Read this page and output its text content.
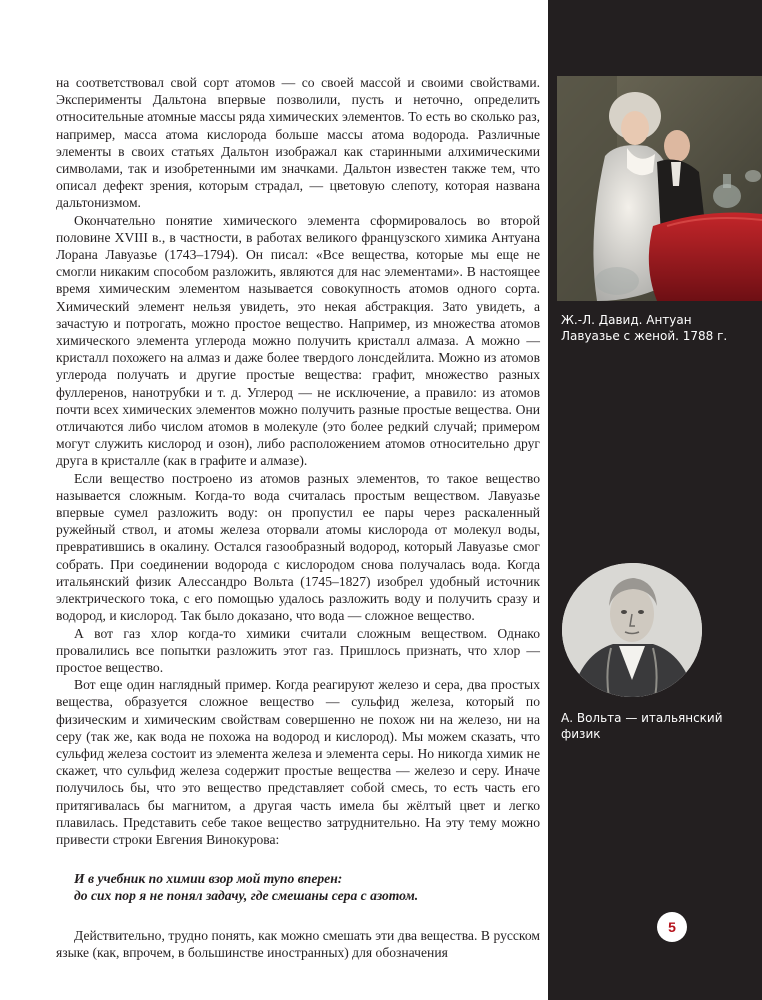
на соответствовал свой сорт атомов — со своей массой и своими свойствами. Эксперименты Дальтона впервые позволили, пусть и неточно, определить относительные атомные массы ряда химических элементов. То есть во сколько раз, например, масса атома кислорода больше массы атома водорода. Различные элементы в своих статьях Дальтон изображал как старинными алхимическими символами, так и изобретенными им значками. Дальтон известен также тем, что описал дефект зрения, которым страдал, — цветовую слепоту, которая названа дальтонизмом.

Окончательно понятие химического элемента сформировалось во второй половине XVIII в., в частности, в работах великого французского химика Антуана Лорана Лавуазье (1743–1794). Он писал: «Все вещества, которые мы еще не смогли никаким способом разложить, являются для нас элементами». В настоящее время химическим элементом называется совокупность атомов одного сорта. Химический элемент нельзя увидеть, это некая абстракция. Зато увидеть, а зачастую и потрогать, можно простое вещество. Например, из множества атомов химического элемента углерода можно получить кристалл алмаза. А можно — кристалл похожего на алмаз и даже более твердого лонсдейлита. Можно из атомов углерода получать и другие простые вещества: графит, множество разных фуллеренов, нанотрубки и т. д. Углерод — не исключение, а правило: из атомов почти всех химических элементов можно получить разные простые вещества. Они отличаются либо числом атомов в молекуле (это более редкий случай; примером могут служить кислород и озон), либо расположением атомов относительно друг друга в кристалле (как в графите и алмазе).

Если вещество построено из атомов разных элементов, то такое вещество называется сложным. Когда-то вода считалась простым веществом. Лавуазье впервые сумел разложить воду: он пропустил ее пары через раскаленный ружейный ствол, и атомы железа оторвали атомы кислорода от молекул воды, превратившись в окалину. Остался газообразный водород, который Лавуазье смог собрать. При соединении водорода с кислородом снова получалась вода. Когда итальянский физик Алессандро Вольта (1745–1827) изобрел удобный источник электрического тока, с его помощью удалось разложить воду и получить сразу и водород, и кислород. Так было доказано, что вода — сложное вещество.

А вот газ хлор когда-то химики считали сложным веществом. Однако провалились все попытки разложить этот газ. Пришлось признать, что хлор — простое вещество.

Вот еще один наглядный пример. Когда реагируют железо и сера, два простых вещества, образуется сложное вещество — сульфид железа, который по физическим и химическим свойствам совершенно не похож ни на железо, ни на серу (так же, как вода не похожа на водород и кислород). Мы можем сказать, что сульфид железа состоит из элемента железа и элемента серы. Но никогда химик не скажет, что сульфид железа содержит простые вещества — железо и серу. Иначе получилось бы, что это вещество представляет собой смесь, то есть часть его притягивалась бы магнитом, а другая часть имела бы жёлтый цвет и легко плавилась. Представить себе такое вещество затруднительно. На эту тему можно привести строки Евгения Винокурова:

И в учебник по химии взор мой тупо вперен:
до сих пор я не понял задачу, где смешаны сера с азотом.

Действительно, трудно понять, как можно смешать эти два вещества. В русском языке (как, впрочем, в большинстве иностранных) для обозначения

Ж.-Л. Давид. Антуан Лавуазье с женой. 1788 г.
А. Вольта — итальянский физик
5
